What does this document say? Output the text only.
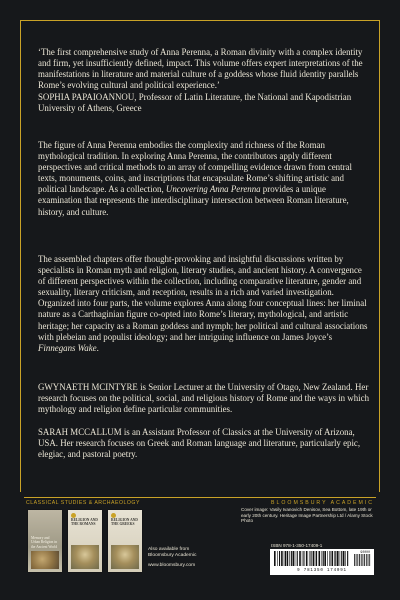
‘The first comprehensive study of Anna Perenna, a Roman divinity with a complex identity and firm, yet insufficiently defined, impact. This volume offers expert interpretations of the manifestations in literature and material culture of a goddess whose fluid identity parallels Rome’s evolving cultural and political experience.’

SOPHIA PAPAIOANNOU, Professor of Latin Literature, the National and Kapodistrian University of Athens, Greece

The figure of Anna Perenna embodies the complexity and richness of the Roman mythological tradition. In exploring Anna Perenna, the contributors apply different perspectives and critical methods to an array of compelling evidence drawn from central texts, monuments, coins, and inscriptions that encapsulate Rome’s shifting artistic and political landscape. As a collection, Uncovering Anna Perenna provides a unique examination that represents the interdisciplinary intersection between Roman literature, history, and culture.

The assembled chapters offer thought-provoking and insightful discussions written by specialists in Roman myth and religion, literary studies, and ancient history. A convergence of different perspectives within the collection, including comparative literature, gender and sexuality, literary criticism, and reception, results in a rich and varied investigation. Organized into four parts, the volume explores Anna along four conceptual lines: her liminal nature as a Carthaginian figure co-opted into Rome’s literary, mythological, and artistic heritage; her capacity as a Roman goddess and nymph; her political and cultural associations with plebeian and populist ideology; and her intriguing influence on James Joyce’s Finnegans Wake.

GWYNAETH MCINTYRE is Senior Lecturer at the University of Otago, New Zealand. Her research focuses on the political, social, and religious history of Rome and the ways in which mythology and religion define particular communities.

SARAH MCCALLUM is an Assistant Professor of Classics at the University of Arizona, USA. Her research focuses on Greek and Roman language and literature, particularly epic, elegiac, and pastoral poetry.

CLASSICAL STUDIES & ARCHAEOLOGY	BLOOMSBURY ACADEMIC
Memory and Urban Religion in the Ancient World
RELIGION AND THE ROMANS
RELIGION AND THE GREEKS
Also available from
Bloomsbury Academic
www.bloomsbury.com
Cover image: Vasily Ivanovich Denisov, Sea Bottom, late 19th or early 20th century. Heritage Image Partnership Ltd / Alamy Stock Photo
ISBN 978-1-350-17409-1
90000
9 781350 174091
